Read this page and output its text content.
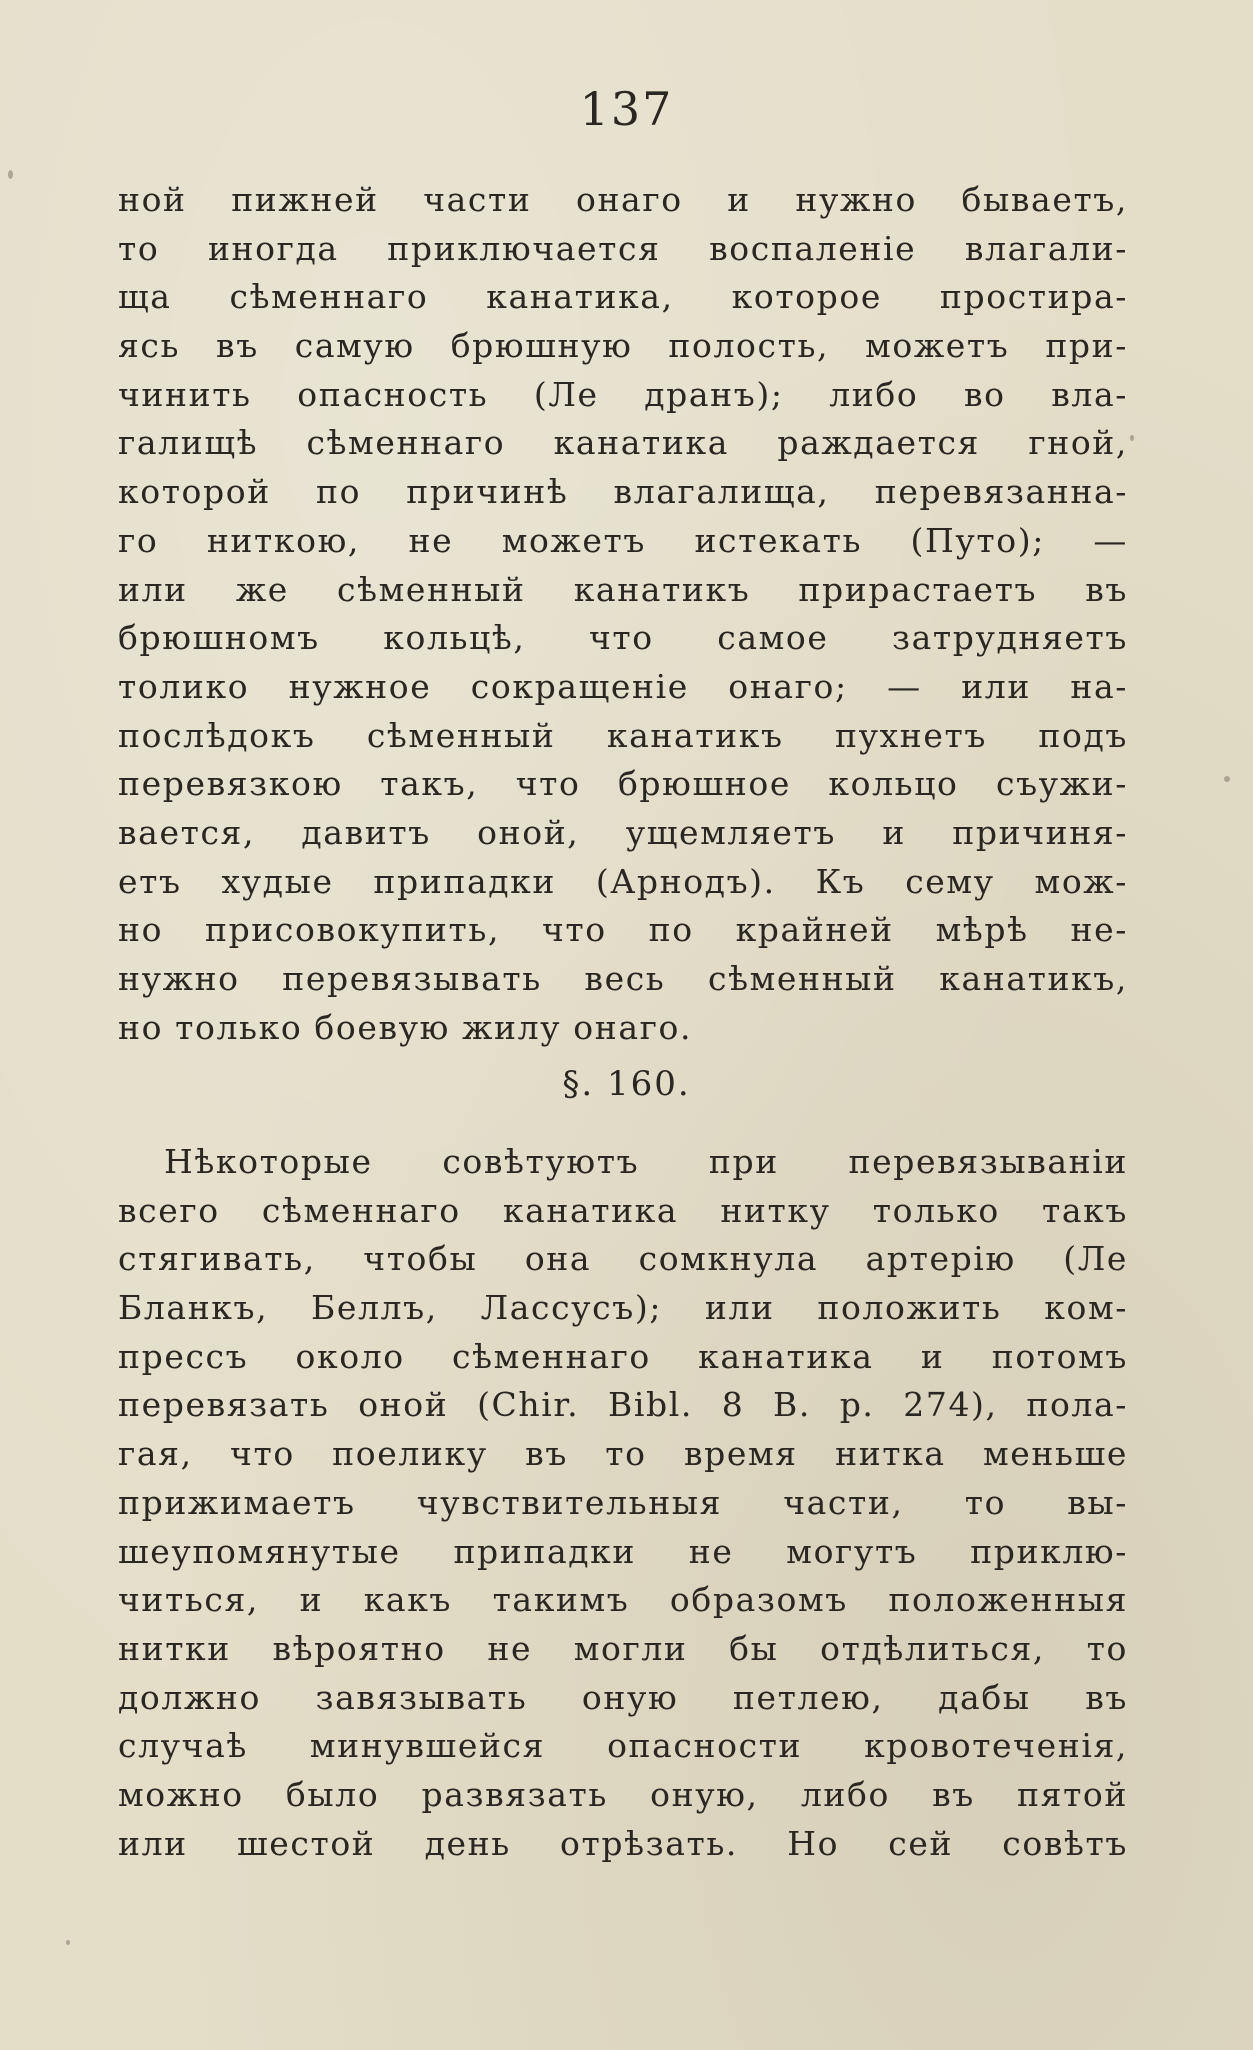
137
ной пижней части онаго и нужно бываетъ,
то иногда приключается воспаленіе влагали-
ща сѣменнаго канатика, которое простира-
ясь въ самую брюшную полость, можетъ при-
чинить опасность (Ле дранъ); либо во вла-
галищѣ сѣменнаго канатика раждается гной,
которой по причинѣ влагалища, перевязанна-
го ниткою, не можетъ истекать (Путо); —
или же сѣменный канатикъ прирастаетъ въ
брюшномъ кольцѣ, что самое затрудняетъ
толико нужное сокращеніе онаго; — или на-
послѣдокъ сѣменный канатикъ пухнетъ подъ
перевязкою такъ, что брюшное кольцо съужи-
вается, давитъ оной, ущемляетъ и причиня-
етъ худые припадки (Арнодъ). Къ сему мож-
но присовокупить, что по крайней мѣрѣ не-
нужно перевязывать весь сѣменный канатикъ,
но только боевую жилу онаго.
§. 160.
Нѣкоторые совѣтуютъ при перевязываніи
всего сѣменнаго канатика нитку только такъ
стягивать, чтобы она сомкнула артерію (Ле
Бланкъ, Беллъ, Лассусъ); или положить ком-
прессъ около сѣменнаго канатика и потомъ
перевязать оной (Chir. Bibl. 8 B. p. 274), пола-
гая, что поелику въ то время нитка меньше
прижимаетъ чувствительныя части, то вы-
шеупомянутые припадки не могутъ приклю-
читься, и какъ такимъ образомъ положенныя
нитки вѣроятно не могли бы отдѣлиться, то
должно завязывать оную петлею, дабы въ
случаѣ минувшейся опасности кровотеченія,
можно было развязать оную, либо въ пятой
или шестой день отрѣзать. Но сей совѣтъ
